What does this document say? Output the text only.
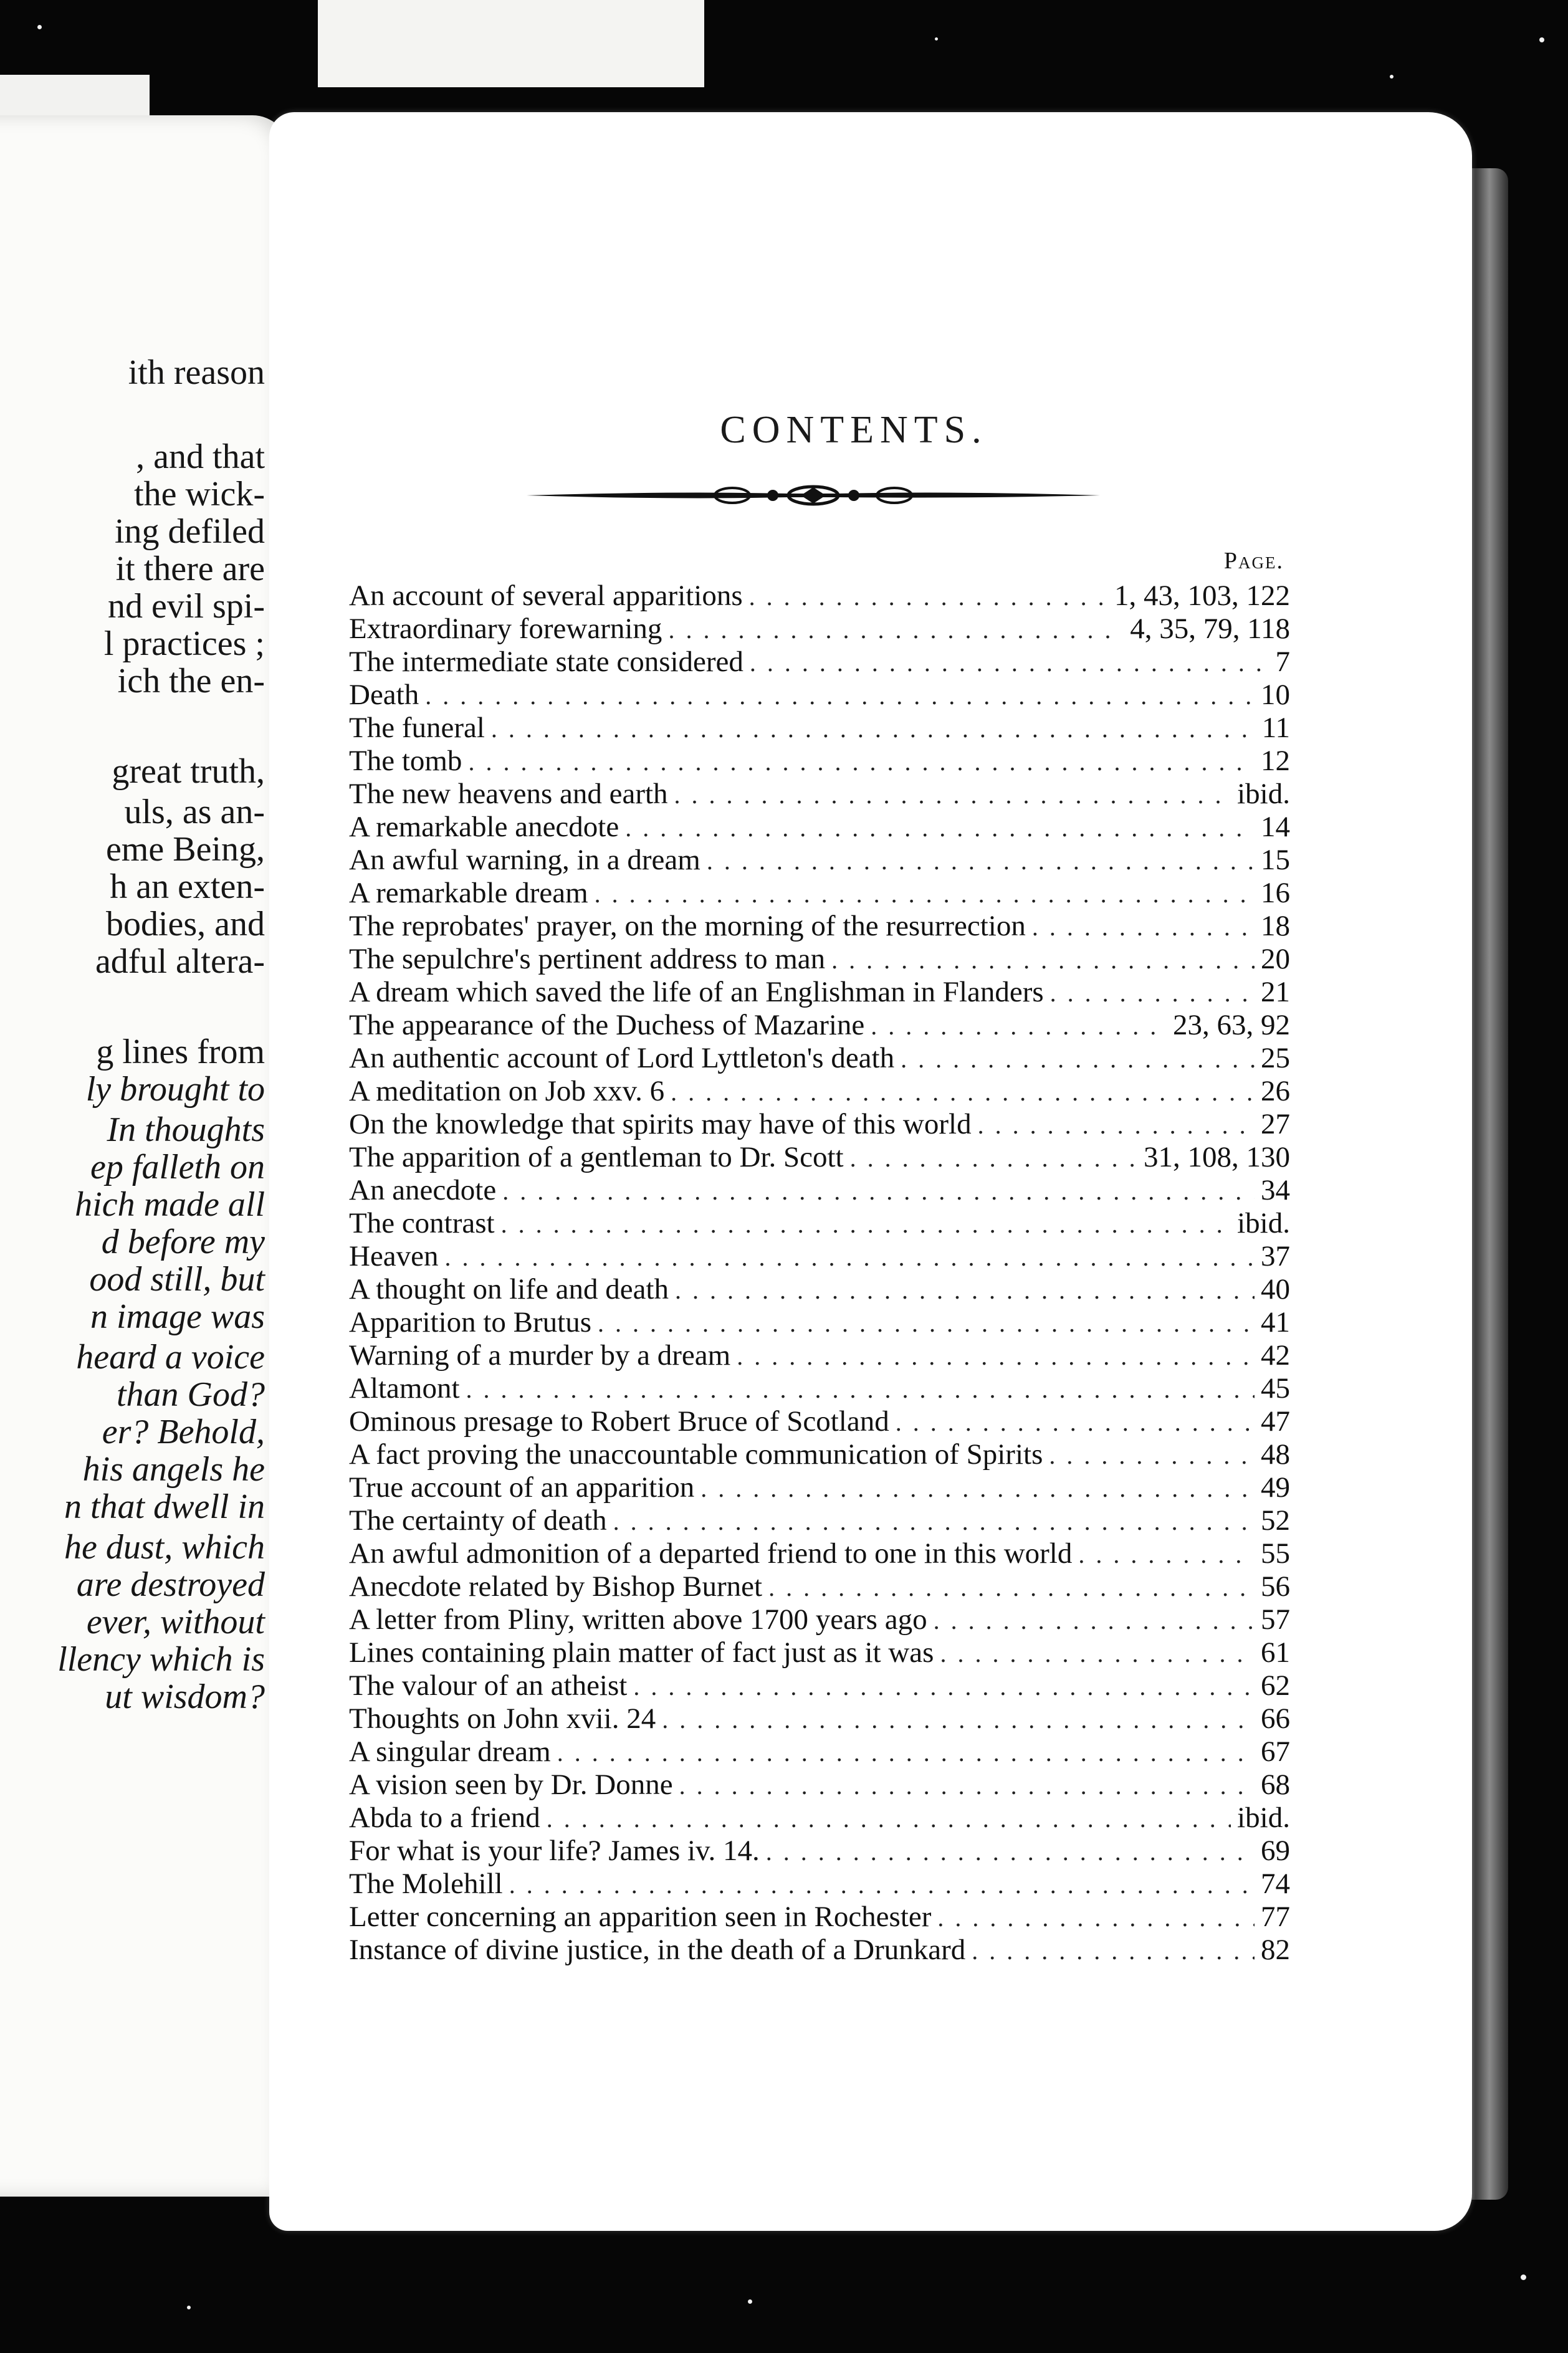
ith reason
, and that
the wick-
ing defiled
it there are
nd evil spi-
l practices ;
ich the en-
great truth,
uls, as an-
eme Being,
h an exten-
bodies, and
adful altera-
g lines from
ly brought to
In thoughts
ep falleth on
hich made all
d before my
ood still, but
n image was
heard a voice
than God?
er? Behold,
his angels he
n that dwell in
he dust, which
are destroyed
ever, without
llency which is
ut wisdom?
CONTENTS.
Page.
An account of several apparitions . . .	1, 43, 103, 122
Extraordinary forewarning . . .	4, 35, 79, 118
The intermediate state considered . . .	7
Death . . .	10
The funeral . . .	11
The tomb . . .	12
The new heavens and earth . . .	ibid.
A remarkable anecdote . . .	14
An awful warning, in a dream . . .	15
A remarkable dream . . .	16
The reprobates' prayer, on the morning of the resurrection . . .	18
The sepulchre's pertinent address to man . . .	20
A dream which saved the life of an Englishman in Flanders . . .	21
The appearance of the Duchess of Mazarine . . .	23, 63, 92
An authentic account of Lord Lyttleton's death . . .	25
A meditation on Job xxv. 6 . . .	26
On the knowledge that spirits may have of this world . . .	27
The apparition of a gentleman to Dr. Scott . . .	31, 108, 130
An anecdote . . .	34
The contrast . . .	ibid.
Heaven . . .	37
A thought on life and death . . .	40
Apparition to Brutus . . .	41
Warning of a murder by a dream . . .	42
Altamont . . .	45
Ominous presage to Robert Bruce of Scotland . . .	47
A fact proving the unaccountable communication of Spirits . . .	48
True account of an apparition . . .	49
The certainty of death . . .	52
An awful admonition of a departed friend to one in this world . . .	55
Anecdote related by Bishop Burnet . . .	56
A letter from Pliny, written above 1700 years ago . . .	57
Lines containing plain matter of fact just as it was . . .	61
The valour of an atheist . . .	62
Thoughts on John xvii. 24 . . .	66
A singular dream . . .	67
A vision seen by Dr. Donne . . .	68
Abda to a friend . . .	ibid.
For what is your life? James iv. 14. . . .	69
The Molehill . . .	74
Letter concerning an apparition seen in Rochester . . .	77
Instance of divine justice, in the death of a Drunkard . . .	82
